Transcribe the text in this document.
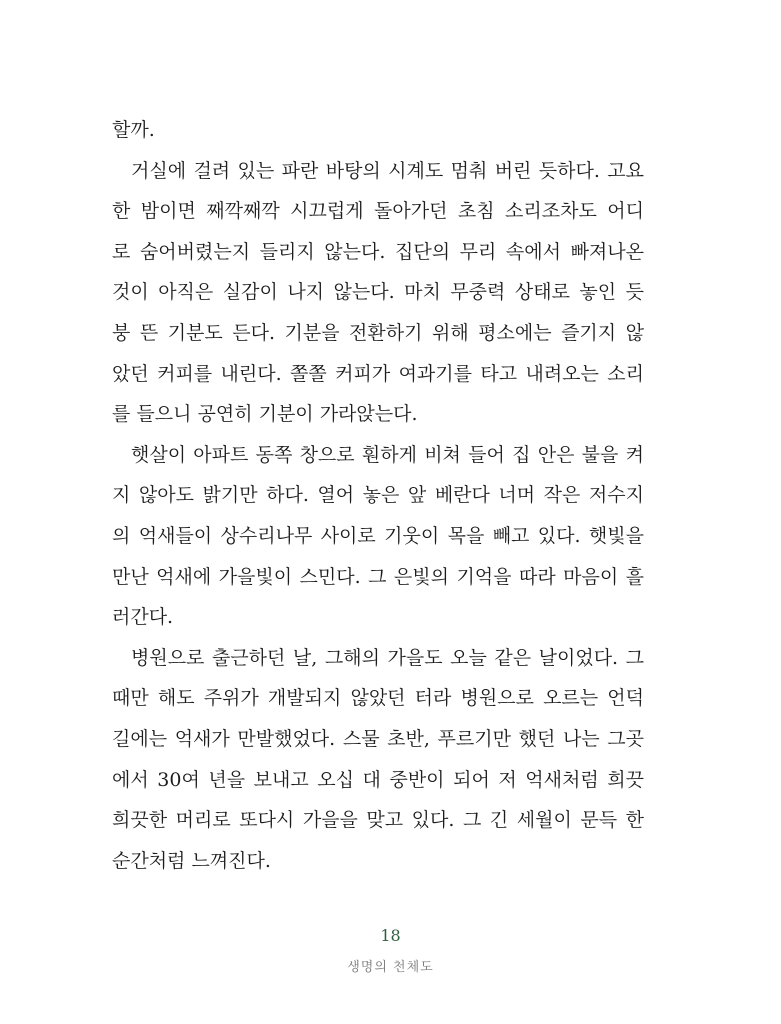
할까.
거실에 걸려 있는 파란 바탕의 시계도 멈춰 버린 듯하다. 고요
한 밤이면 째깍째깍 시끄럽게 돌아가던 초침 소리조차도 어디
로 숨어버렸는지 들리지 않는다. 집단의 무리 속에서 빠져나온
것이 아직은 실감이 나지 않는다. 마치 무중력 상태로 놓인 듯
붕 뜬 기분도 든다. 기분을 전환하기 위해 평소에는 즐기지 않
았던 커피를 내린다. 쫄쫄 커피가 여과기를 타고 내려오는 소리
를 들으니 공연히 기분이 가라앉는다.
햇살이 아파트 동쪽 창으로 훤하게 비쳐 들어 집 안은 불을 켜
지 않아도 밝기만 하다. 열어 놓은 앞 베란다 너머 작은 저수지
의 억새들이 상수리나무 사이로 기웃이 목을 빼고 있다. 햇빛을
만난 억새에 가을빛이 스민다. 그 은빛의 기억을 따라 마음이 흘
러간다.
병원으로 출근하던 날, 그해의 가을도 오늘 같은 날이었다. 그
때만 해도 주위가 개발되지 않았던 터라 병원으로 오르는 언덕
길에는 억새가 만발했었다. 스물 초반, 푸르기만 했던 나는 그곳
에서 30여 년을 보내고 오십 대 중반이 되어 저 억새처럼 희끗
희끗한 머리로 또다시 가을을 맞고 있다. 그 긴 세월이 문득 한
순간처럼 느껴진다.
18
생명의 천체도
